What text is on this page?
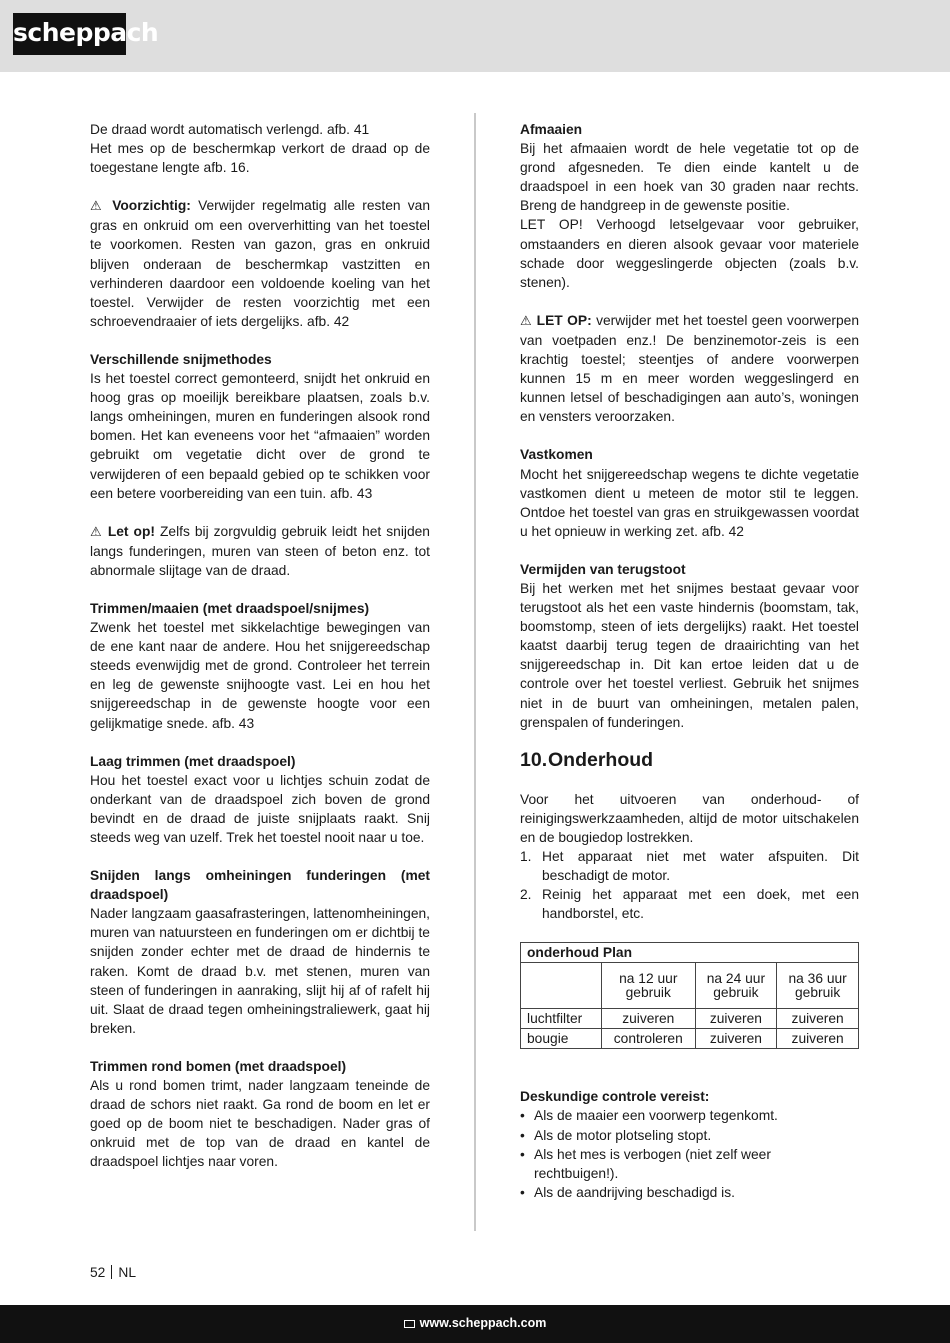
scheppach

De draad wordt automatisch verlengd. afb. 41

Het mes op de beschermkap verkort de draad op de toegestane lengte afb. 16.

⚠ Voorzichtig: Verwijder regelmatig alle resten van gras en onkruid om een oververhitting van het toestel te voorkomen. Resten van gazon, gras en onkruid blijven onderaan de beschermkap vastzitten en verhinderen daardoor een voldoende koeling van het toestel. Verwijder de resten voorzichtig met een schroevendraaier of iets dergelijks. afb. 42

Verschillende snijmethodes

Is het toestel correct gemonteerd, snijdt het onkruid en hoog gras op moeilijk bereikbare plaatsen, zoals b.v. langs omheiningen, muren en funderingen alsook rond bomen. Het kan eveneens voor het “afmaaien” worden gebruikt om vegetatie dicht over de grond te verwijderen of een bepaald gebied op te schikken voor een betere voorbereiding van een tuin. afb. 43

⚠ Let op! Zelfs bij zorgvuldig gebruik leidt het snijden langs funderingen, muren van steen of beton enz. tot abnormale slijtage van de draad.

Trimmen/maaien (met draadspoel/snijmes)

Zwenk het toestel met sikkelachtige bewegingen van de ene kant naar de andere. Hou het snijgereedschap steeds evenwijdig met de grond. Controleer het terrein en leg de gewenste snijhoogte vast. Lei en hou het snijgereedschap in de gewenste hoogte voor een gelijkmatige snede. afb. 43

Laag trimmen (met draadspoel)

Hou het toestel exact voor u lichtjes schuin zodat de onderkant van de draadspoel zich boven de grond bevindt en de draad de juiste snijplaats raakt. Snij steeds weg van uzelf. Trek het toestel nooit naar u toe.

Snijden langs omheiningen funderingen (met draadspoel)

Nader langzaam gaasafrasteringen, lattenomheiningen, muren van natuursteen en funderingen om er dichtbij te snijden zonder echter met de draad de hindernis te raken. Komt de draad b.v. met stenen, muren van steen of funderingen in aanraking, slijt hij af of rafelt hij uit. Slaat de draad tegen omheiningstraliewerk, gaat hij breken.

Trimmen rond bomen (met draadspoel)

Als u rond bomen trimt, nader langzaam teneinde de draad de schors niet raakt. Ga rond de boom en let er goed op de boom niet te beschadigen. Nader gras of onkruid met de top van de draad en kantel de draadspoel lichtjes naar voren.

Afmaaien

Bij het afmaaien wordt de hele vegetatie tot op de grond afgesneden. Te dien einde kantelt u de draadspoel in een hoek van 30 graden naar rechts. Breng de handgreep in de gewenste positie.

LET OP! Verhoogd letselgevaar voor gebruiker, omstaanders en dieren alsook gevaar voor materiele schade door weggeslingerde objecten (zoals b.v. stenen).

⚠ LET OP: verwijder met het toestel geen voorwerpen van voetpaden enz.! De benzinemotor-zeis is een krachtig toestel; steentjes of andere voorwerpen kunnen 15 m en meer worden weggeslingerd en kunnen letsel of beschadigingen aan auto’s, woningen en vensters veroorzaken.

Vastkomen

Mocht het snijgereedschap wegens te dichte vegetatie vastkomen dient u meteen de motor stil te leggen. Ontdoe het toestel van gras en struikgewassen voordat u het opnieuw in werking zet. afb. 42

Vermijden van terugstoot

Bij het werken met het snijmes bestaat gevaar voor terugstoot als het een vaste hindernis (boomstam, tak, boomstomp, steen of iets dergelijks) raakt. Het toestel kaatst daarbij terug tegen de draairichting van het snijgereedschap in. Dit kan ertoe leiden dat u de controle over het toestel verliest. Gebruik het snijmes niet in de buurt van omheiningen, metalen palen, grenspalen of funderingen.

10.Onderhoud

Voor het uitvoeren van onderhoud- of reinigingswerkzaamheden, altijd de motor uitschakelen en de bougiedop lostrekken.

1. Het apparaat niet met water afspuiten. Dit beschadigt de motor.
2. Reinig het apparaat met een doek, met een handborstel, etc.
onderhoud Plan			
	na 12 uur gebruik	na 24 uur gebruik	na 36 uur gebruik
luchtfilter	zuiveren	zuiveren	zuiveren
bougie	controleren	zuiveren	zuiveren

Deskundige controle vereist:

• Als de maaier een voorwerp tegenkomt.
• Als de motor plotseling stopt.
• Als het mes is verbogen (niet zelf weer rechtbuigen!).
• Als de aandrijving beschadigd is.
52 NL
www.scheppach.com
